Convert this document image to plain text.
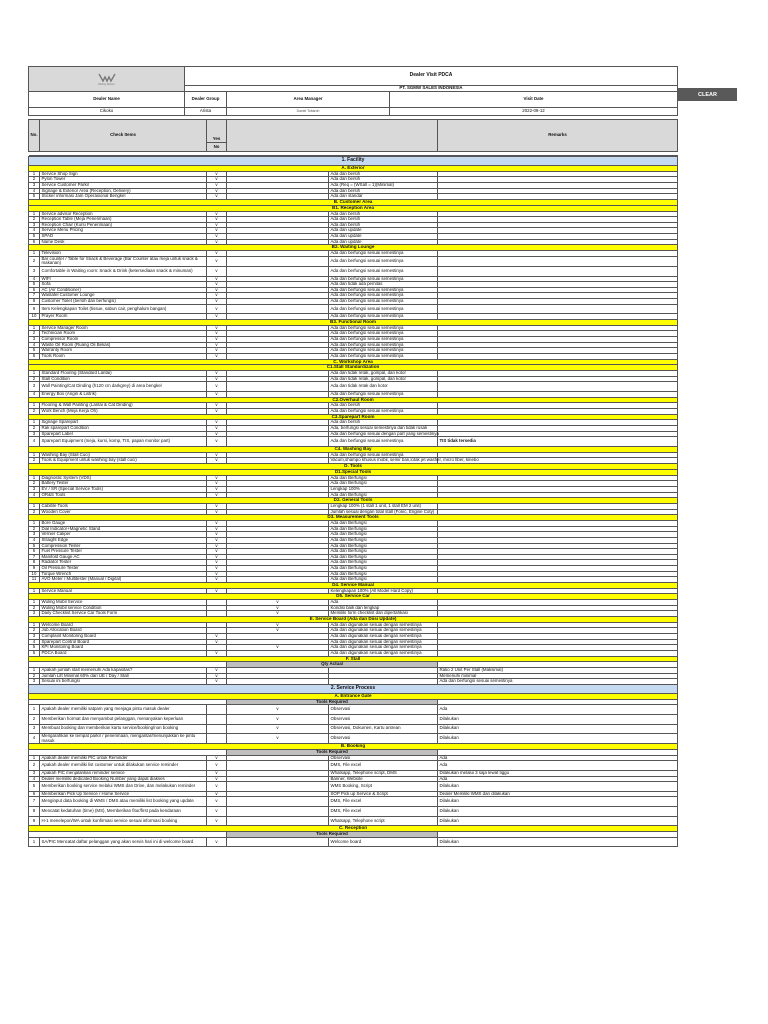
Wuling Motors		Dealer Visit PDCA				
		PT. SGMW SALES INDONESIA				
Dealer Name		Dealer Group		Area Manager	Visit Date	
Cikoko		Arista		Daniel Tobaroh	2022-09-12	

No.	Check Items		Yes			Remarks
			No			

1. Facility					
A. Exterior					
1	Service Shop Sign	v		Ada dan bersih	
2	Pylon Tower	v		Ada dan bersih	
3	Service Customer Parkir	v		Ada (Req = (WSall = 1)(Minimal)	
4	Signage & Exterior Area (Reception, Delivery)	v		Ada dan bersih	
5	Sticker informasi Jam Operasional Bengkel	v		Ada dan standar	
B. Customer Area					
B1. Reception Area					
1	Service advisor Reception	v		Ada dan bersih	
2	Reception Table (Meja Penerimaan)	v		Ada dan bersih	
3	Reception Chair (Kursi Penerimaan)	v		Ada dan bersih	
4	Service Menu Pricing	v		Ada dan update	
5	SPAD	v		Ada dan update	
6	Name Desk	v		Ada dan update	
B2. Waiting Lounge					
1	Television	v		Ada dan berfungsi sesuai semestinya	
2	Bar counter / Table for Snack & Beverage (Bar Counter atau meja untuk snack & makanan)	v		Ada dan berfungsi sesuai semestinya	
3	Comfortable in Waiting room: Snack & Drink (ketersediaan snack & minuman)	v		Ada dan berfungsi sesuai semestinya	
4	WIFI	v		Ada dan berfungsi sesuai semestinya	
5	Sofa	v		Ada dan tidak ada pemitas	
6	AC (Air Conditioner)	v		Ada dan berfungsi sesuai semestinya	
7	Wastafel Customer Lounge	v		Ada dan berfungsi sesuai semestinya	
8	Customer Toilet (bersih dan berfungsi)	v		Ada dan berfungsi sesuai semestinya	
9	Item Kelengkapan Toilet (tissue, sabun cair, penghalum bangan)	v		Ada dan berfungsi sesuai semestinya	
10	Prayer Room	v		Ada dan berfungsi sesuai semestinya	
B3. Functional Room					
1	Service Manager Room	v		Ada dan berfungsi sesuai semestinya	
2	Technician Room	v		Ada dan berfungsi sesuai semestinya	
3	Compressor Room	v		Ada dan berfungsi sesuai semestinya	
4	Waste Oil Room (Ruang Oli Bekas)	v		Ada dan berfungsi sesuai semestinya	
5	Warranty Room	v		Ada dan berfungsi sesuai semestinya	
6	Tools Room	v		Ada dan berfungsi sesuai semestinya	
C. Workshop Area					
C1.Stall Standardization					
1	Standard Flooring (Standard Lantai)	v		Ada dan tidak retak, gompal, dan kotor	
2	Stall Condition	v		Ada dan tidak retak, gompal, dan kotor	
3	Wall Painting/Cat Dinding (h120 cm darkgrey) di area bengkel	v		Ada dan tidak retak dan kotor	
4	Energy Box (Angin & Listrik)	v		Ada dan berfungsi sesuai semestinya	
C2.Overhaul Room					
1	Flooring & Wall Painting (Lantai & Cat Dinding)	v		Ada dan bersih	
2	Work Bench (Meja Kerja Oh)	v		Ada dan berfungsi sesuai semestinya	
C3.Sparepart Room					
1	Signage Sparepart	v		Ada dan bersih	
2	Rak sparepart Condition	v		Ada, berfungsi sesuai semestinya dan tidak rusak	
3	Sparepart Label	v		Ada dan berfungsi sesuai dengan part yang semestinya	
4	Sparepart Equipment (meja, kursi, komp, TIS, papan monitor part)	v		Ada dan berfungsi sesuai semestinya	TIS tidak tersedia
C4. Washing Bay					
1	Washing Bay (Stall Cuci)	v		Ada dan berfungsi sesuai semestinya	
2	Tools & Equipment untuk washing bay (stall cuci)	v		Vacum,shampo khusus mobil, semir ban,lotak jet washer, micro fiber, kinebo	
D. Tools					
D1.Special Tools					
1	Diagnostic System (VDS)	v		Ada dan Berfungsi	
2	Battery Tester	v		Ada dan Berfungsi	
3	EV / SR (Special Service Tools)	v		Lengkap 100%	
4	OR&S Tools	v		Ada dan Berfungsi	
D2. General Tools					
1	Cabible Tools	v		Lengkap 100% (1 stall 1 unit, 1 stall EM 2 unit)	
2	Wooden Cover	v		Jumlah sesuai dengan total stall (Fonic, Engine Coty)	
D3. Measurement Tools					
1	Bore Gauge	v		Ada dan Berfungsi	
2	Dial Indicator+Magnetic Stand	v		Ada dan Berfungsi	
3	Vernier Caliper	v		Ada dan Berfungsi	
4	Straight Edge	v		Ada dan Berfungsi	
5	Compression Tester	v		Ada dan Berfungsi	
6	Fuel Pressure Tester	v		Ada dan Berfungsi	
7	Manifold Gauge AC	v		Ada dan Berfungsi	
8	Radiator Tester	v		Ada dan Berfungsi	
9	Oil Pressure Tester	v		Ada dan Berfungsi	
10	Torque Wrench	v		Ada dan Berfungsi	
11	AVO Meter / Multitester (Manual / Digital)	v		Ada dan Berfungsi	
D4. Service Manual					
1	Service Manual	v		Kelengkapan 100% (All Model Hard Copy)	
D5. Service Car					
1	Wuling Mobil Service		v	Ada	
2	Wuling Mobil service Condition		v	Kondisi baik dan lengkap	
3	Daily Checklist Service Car Tools Form		v	Memiliki form checklist dan dipertahkasi	
E. Service Board (Ada dan Diisi Update)					
1	Welcome Board		v	Ada dan digunakan sesuai dengan semestinya	
2	Job Allocation Board		v	Ada dan digunakan sesuai dengan semestinya	
3	Complaint Monitoring Board	v		Ada dan digunakan sesuai dengan semestinya	
4	Sparepart Control Board	v		Ada dan digunakan sesuai dengan semestinya	
5	KPI Monitoring Board		v	Ada dan digunakan sesuai dengan semestinya	
6	PDCA Board	v		Ada dan digunakan sesuai dengan semestinya	
F. Stall					
			Qty Actual		
1	Apakah jumlah stall memenuhi Ada kapasitas?	v			Ratio 2 Unit Per Stall (Maksimal)
2	Jumlah Lift Minimal 60% dari UE / Day / Stall	v			Memenuhi minimal
3	Sesuai ini berfungsi	v			Ada dan berfungsi sesuai semestinya
2. Service Process					
A. Entrance Gate					
			Tools Required		
1	Apakah dealer memiliki satpam yang menjaga pintu masuk dealer		v	Observasi	Ada
2	Memberikan hormat dan menyambut pelanggan, menanyakan keperluan		v	Observasi	Dilakukan
3	Membuat booking dan memberikan kartu service/booking/non booking		v	Observasi, Dokumen, Kartu antrean	Dilakukan
4	Mengarahkan ke tempat parkir / penerimaan, mengantar/menunjukkan ke pintu masuk		v	Observasi	Dilakukan
B. Booking					
			Tools Required		
1	Apakah dealer memiliki PIC untuk Reminder	v		Observasi	Ada
2	Apakah dealer memiliki list customer untuk dilakukan service reminder	v		DMS, File excel	Ada
3	Apakah PIC menjalankan reminder service	v		Whatsapp, Telephone script, DMS	Dilakukan melalui 3 saja lewat tiggu
4	Dealer memiliki dedicated Booking Number yang dapat diakses	v		Banner, Website	Ada
5	Memberikan booking service melalui WMS dan Drive, dan melakukan reminder	v		WMS Booking, Script	Dilakukan
6	Memberikan Pick Up Service / Home Service	v		SOP Pick up Service & Script	Dealer Memiliki WMS dan dilakukan
7	Menginput data booking di WMS / DMS atau memiliki list booking yang update	v		DMS, File excel	Dilakukan
8	Mencatat kedatuhan (time) (MS), Memberikan fitur/first pada kendaraan	v		DMS, File excel	Dilakukan
9	H-1 menelepon/WA untuk konfirmasi service sesuai informasi booking	v		Whatsapp, Telephone script	Dilakukan
C. Reception					
			Tools Required		
1	SA/PIC Mencatat daftar pelanggan yang akan servis hari ini di welcome board	v		Welcome board	Dilakukan
CLEAR
